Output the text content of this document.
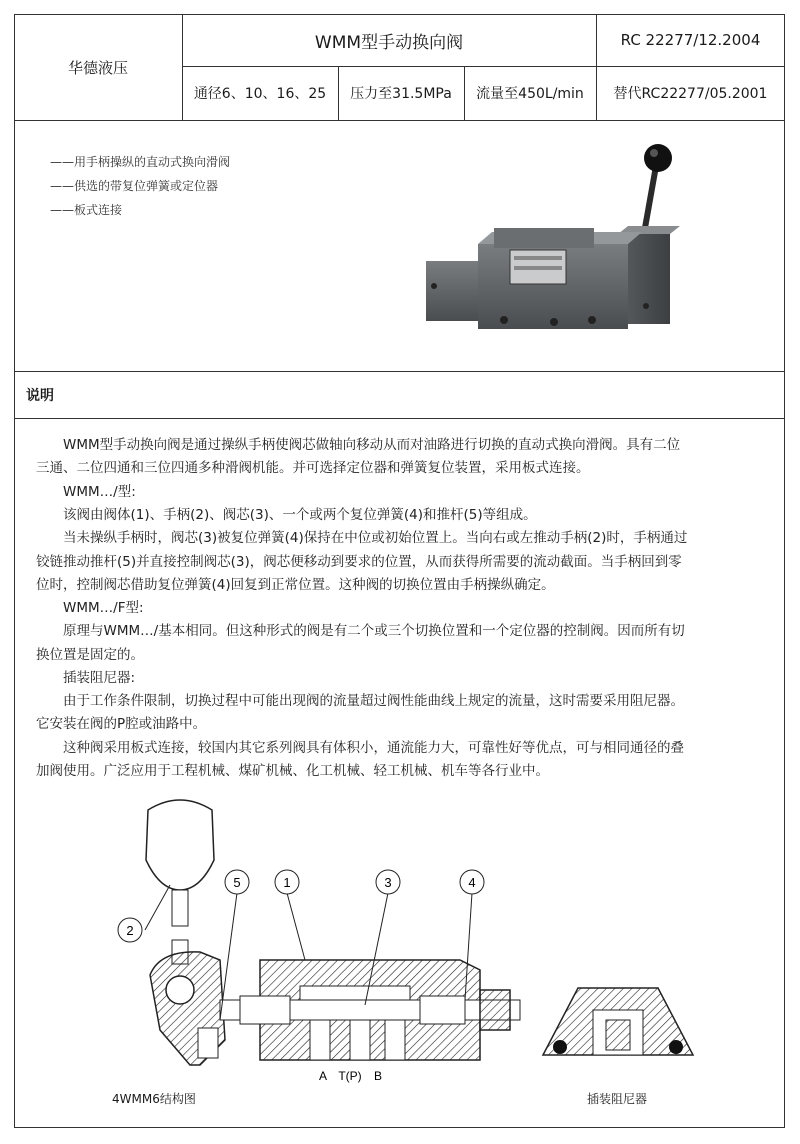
华德液压
WMM型手动换向阀	RC 22277/12.2004
通径6、10、16、25	压力至31.5MPa	流量至450L/min	替代RC22277/05.2001
——用手柄操纵的直动式换向滑阀
——供选的带复位弹簧或定位器
——板式连接
说明
　　WMM型手动换向阀是通过操纵手柄使阀芯做轴向移动从而对油路进行切换的直动式换向滑阀。具有二位
三通、二位四通和三位四通多种滑阀机能。并可选择定位器和弹簧复位装置，采用板式连接。
　　WMM…/型:
　　该阀由阀体(1)、手柄(2)、阀芯(3)、一个或两个复位弹簧(4)和推杆(5)等组成。
　　当未操纵手柄时，阀芯(3)被复位弹簧(4)保持在中位或初始位置上。当向右或左推动手柄(2)时，手柄通过
铰链推动推杆(5)并直接控制阀芯(3)，阀芯便移动到要求的位置，从而获得所需要的流动截面。当手柄回到零
位时，控制阀芯借助复位弹簧(4)回复到正常位置。这种阀的切换位置由手柄操纵确定。
　　WMM…/F型:
　　原理与WMM…/基本相同。但这种形式的阀是有二个或三个切换位置和一个定位器的控制阀。因而所有切
换位置是固定的。
　　插装阻尼器:
　　由于工作条件限制，切换过程中可能出现阀的流量超过阀性能曲线上规定的流量，这时需要采用阻尼器。
它安装在阀的P腔或油路中。
　　这种阀采用板式连接，较国内其它系列阀具有体积小，通流能力大，可靠性好等优点，可与相同通径的叠
加阀使用。广泛应用于工程机械、煤矿机械、化工机械、轻工机械、机车等各行业中。
2
5	1	3	4
A T(P) B
4WMM6结构图	插装阻尼器
